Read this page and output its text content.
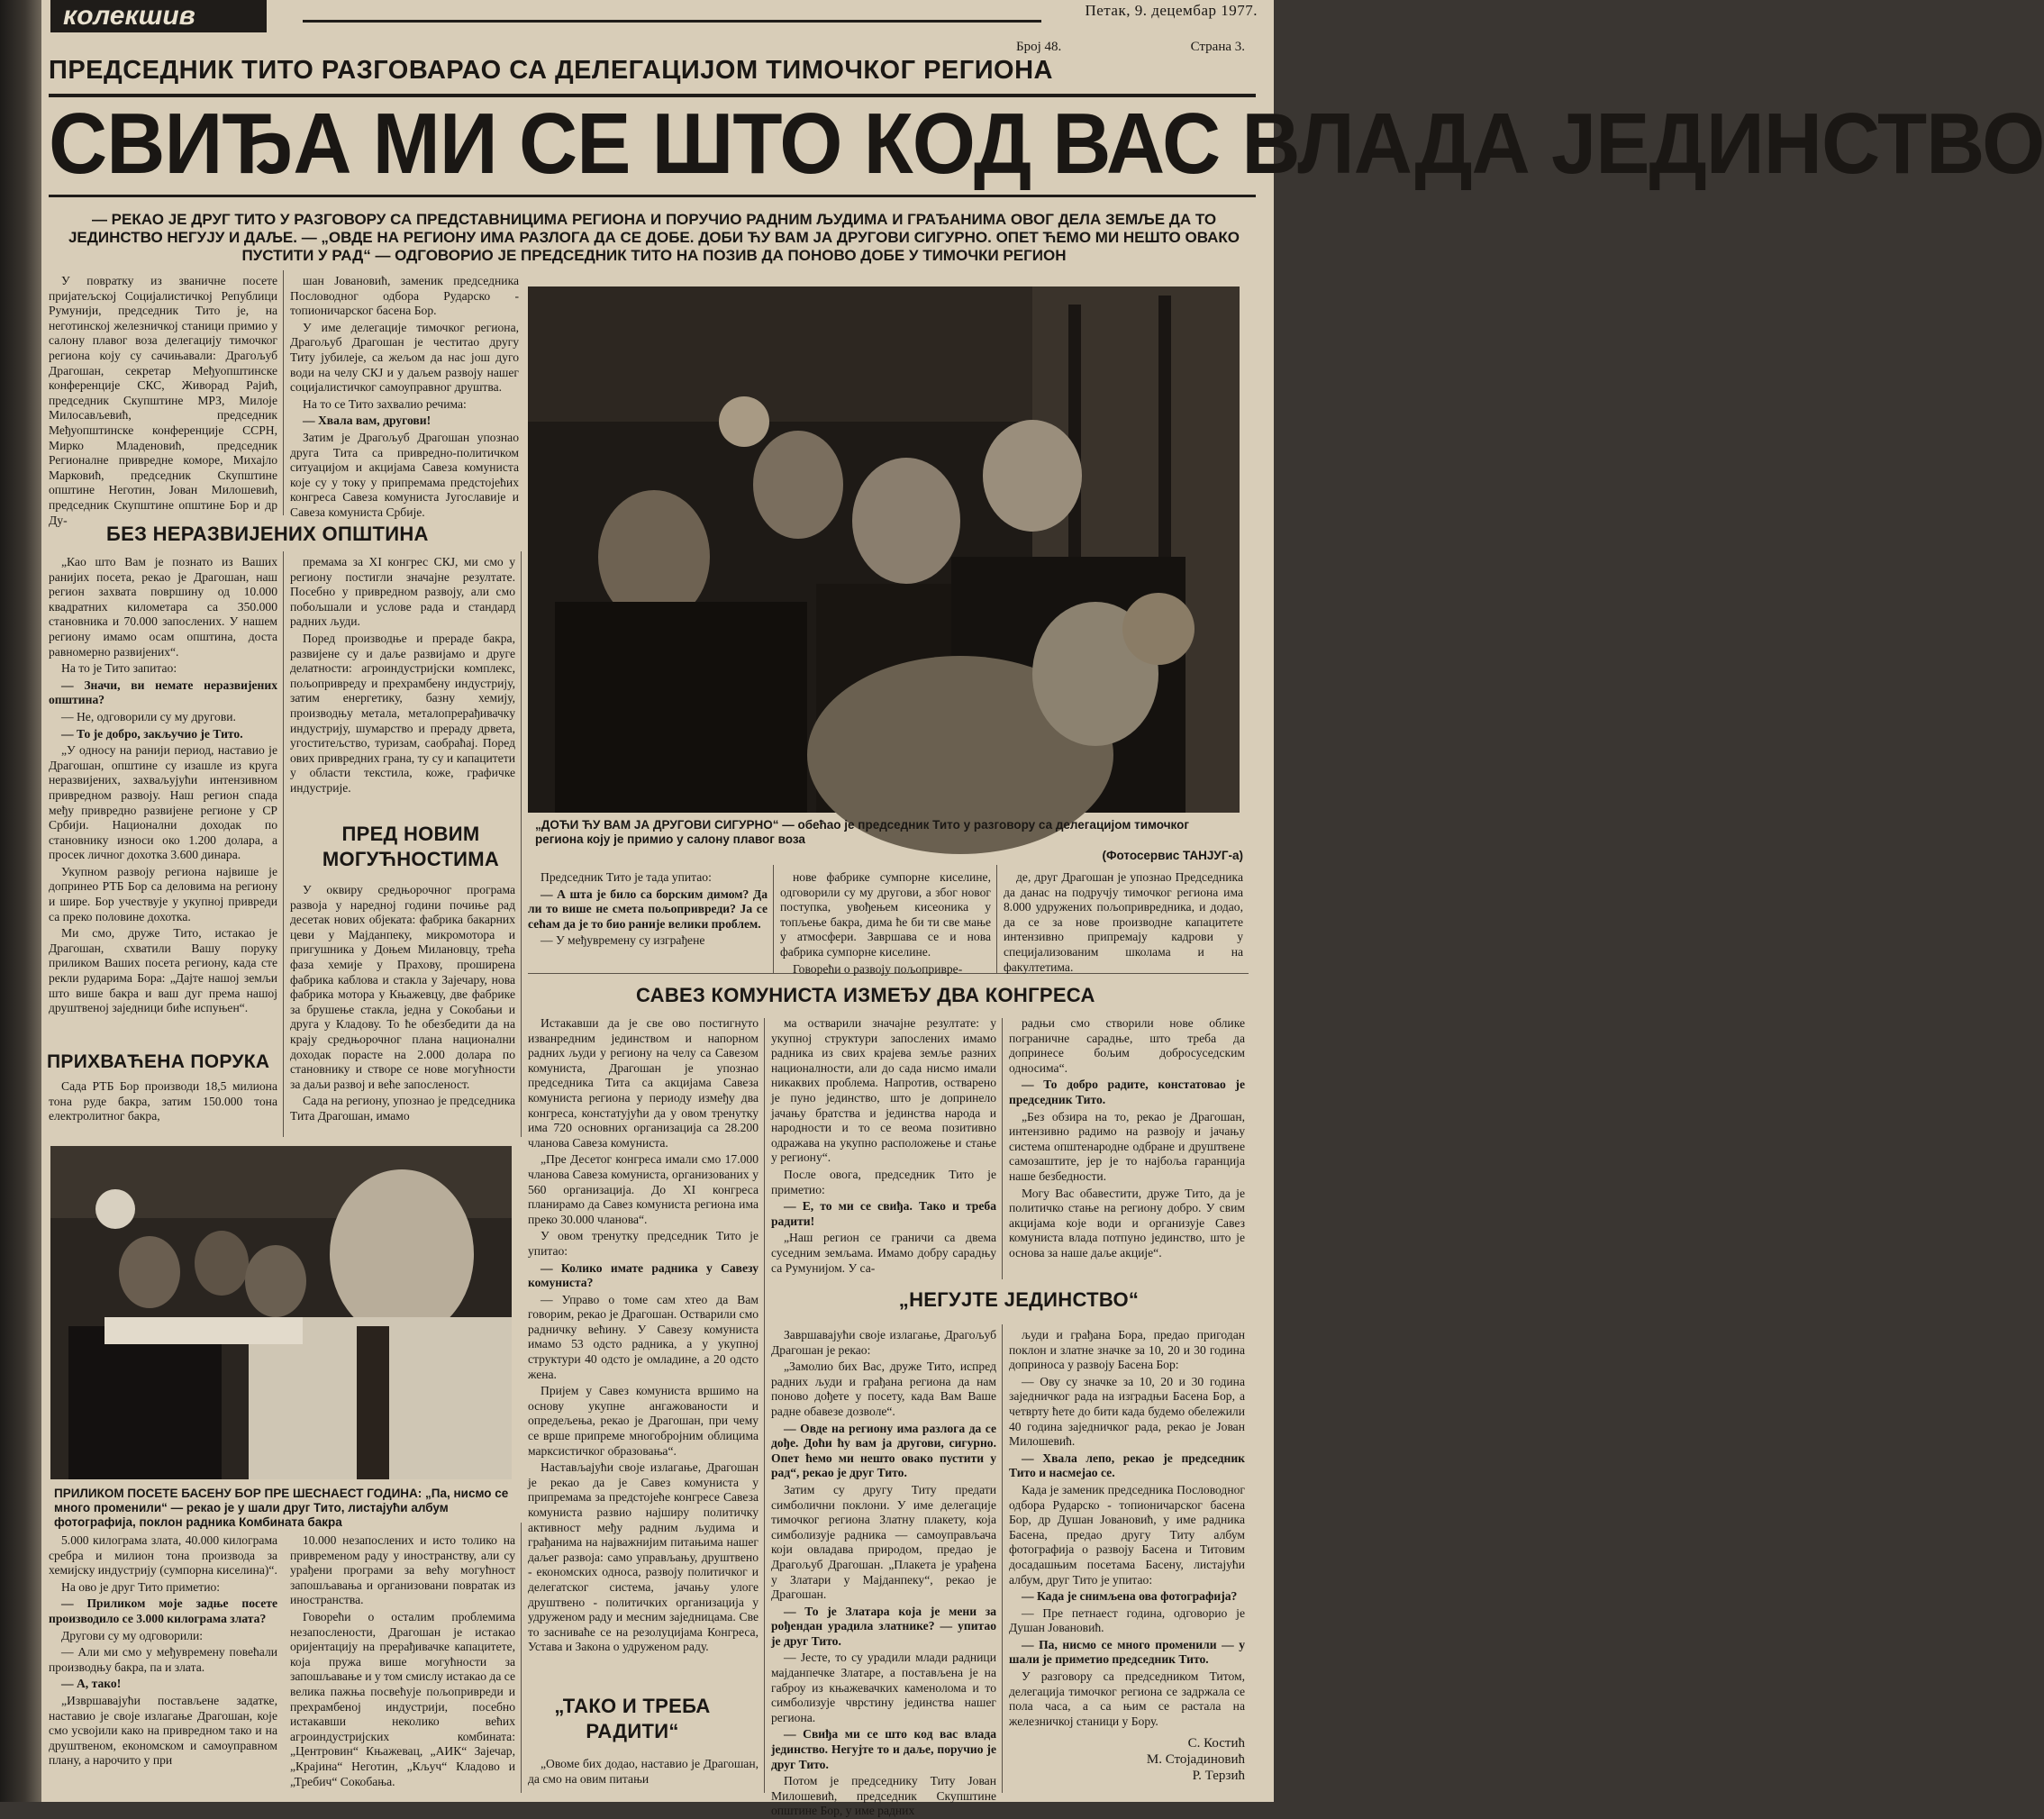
колекшив	Петак, 9. децембар 1977.
Број 48.	Страна 3.
ПРЕДСЕДНИК ТИТО РАЗГОВАРАО СА ДЕЛЕГАЦИЈОМ ТИМОЧКОГ РЕГИОНА
СВИЂА МИ СЕ ШТО КОД ВАС ВЛАДА ЈЕДИНСТВО
— РЕКАО ЈЕ ДРУГ ТИТО У РАЗГОВОРУ СА ПРЕДСТАВНИЦИМА РЕГИОНА И ПОРУЧИО РАДНИМ ЉУДИМА И ГРАЂАНИМА ОВОГ ДЕЛА ЗЕМЉЕ ДА ТО ЈЕДИНСТВО НЕГУЈУ И ДАЉЕ. — „ОВДЕ НА РЕГИОНУ ИМА РАЗЛОГА ДА СЕ ДОБЕ. ДОБИ ЋУ ВАМ ЈА ДРУГОВИ СИГУРНО. ОПЕТ ЋЕМО МИ НЕШТО ОВАКО ПУСТИТИ У РАД“ — ОДГОВОРИО ЈЕ ПРЕДСЕДНИК ТИТО НА ПОЗИВ ДА ПОНОВО ДОБЕ У ТИМОЧКИ РЕГИОН
„ДОЋИ ЋУ ВАМ ЈА ДРУГОВИ СИГУРНО“ — обећао је председник Тито у разговору са делегацијом тимочког региона коју је примио у салону плавог воза
(Фотосервис ТАНЈУГ-а)
ПРИЛИКОМ ПОСЕТЕ БАСЕНУ БОР ПРЕ ШЕСНАЕСТ ГОДИНА: „Па, нисмо се много променили“ — рекао је у шали друг Тито, листајући албум фотографија, поклон радника Комбината бакра
БЕЗ НЕРАЗВИЈЕНИХ ОПШТИНА
ПРИХВАЋЕНА ПОРУКА
ПРЕД НОВИМ МОГУЋНОСТИМА
САВЕЗ КОМУНИСТА ИЗМЕЂУ ДВА КОНГРЕСА
„НЕГУЈТЕ ЈЕДИНСТВО“
„ТАКО И ТРЕБА РАДИТИ“

У повратку из званичне посете пријатељској Социјалистичкој Републици Румунији, председник Тито је, на неготинској железничкој станици примио у салону плавог воза делегацију тимочког региона коју су сачињавали: Драгољуб Драгошан, секретар Међуопштинске конференције СКС, Живорад Рајић, председник Скупштине МРЗ, Милоје Милосављевић, председник Међуопштинске конференције ССРН, Мирко Младеновић, председник Регионалне привредне коморе, Михајло Марковић, председник Скупштине општине Неготин, Јован Милошевић, председник Скупштине општине Бор и др Ду-

шан Јовановић, заменик председника Пословодног одбора Рударско - топионичарског басена Бор.

У име делегације тимочког региона, Драгољуб Драгошан је честитао другу Титу јубилеје, са жељом да нас још дуго води на челу СКЈ и у даљем развоју нашег социјалистичког самоуправног друштва.

На то се Тито захвалио речима:

— Хвала вам, другови!

Затим је Драгољуб Драгошан упознао друга Тита са привредно-политичком ситуацијом и акцијама Савеза комуниста које су у току у припремама предстојећих конгреса Савеза комуниста Југославије и Савеза комуниста Србије.

„Као што Вам је познато из Ваших ранијих посета, рекао је Драгошан, наш регион захвата површину од 10.000 квадратних километара са 350.000 становника и 70.000 запослених. У нашем региону имамо осам општина, доста равномерно развијених“.

На то је Тито запитао:

— Значи, ви немате неразвијених општина?

— Не, одговорили су му другови.

— То је добро, закључио је Тито.

„У односу на ранији период, наставио је Драгошан, општине су изашле из круга неразвијених, захваљујући интензивном привредном развоју. Наш регион спада међу привредно развијене регионе у СР Србији. Национални доходак по становнику износи око 1.200 долара, а просек личног дохотка 3.600 динара.

Укупном развоју региона највише је допринео РТБ Бор са деловима на региону и шире. Бор учествује у укупној привреди са преко половине дохотка.

Ми смо, друже Тито, истакао је Драгошан, схватили Вашу поруку приликом Ваших посета региону, када сте рекли рударима Бора: „Дајте нашој земљи што више бакра и ваш дуг према нашој друштвеној заједници биће испуњен“.

Сада РТБ Бор производи 18,5 милиона тона руде бакра, затим 150.000 тона електролитног бакра,

премама за XI конгрес СКЈ, ми смо у региону постигли значајне резултате. Посебно у привредном развоју, али смо побољшали и услове рада и стандард радних људи.

Поред производње и прераде бакра, развијене су и даље развијамо и друге делатности: агроиндустријски комплекс, пољопривреду и прехрамбену индустрију, затим енергетику, базну хемију, производњу метала, металопрерађивачку индустрију, шумарство и прераду дрвета, угоститељство, туризам, саобраћај. Поред ових привредних грана, ту су и капацитети у области текстила, коже, графичке индустрије.

У оквиру средњорочног програма развоја у наредној години почиње рад десетак нових објеката: фабрика бакарних цеви у Мајданпеку, микромотора и пригушника у Доњем Милановцу, трећа фаза хемије у Прахову, проширена фабрика каблова и стакла у Зајечару, нова фабрика мотора у Књажевцу, две фабрике за брушење стакла, једна у Сокобањи и друга у Кладову. То ће обезбедити да на крају средњорочног плана национални доходак порасте на 2.000 долара по становнику и створе се нове могућности за даљи развој и веће запосленост.

Сада на региону, упознао је председника Тита Драгошан, имамо

Председник Тито је тада упитао:

— А шта је било са борским димом? Да ли то више не смета пољопривреди? Ја се сећам да је то био раније велики проблем.

— У међувремену су изграђене

нове фабрике сумпорне киселине, одговорили су му другови, а због новог поступка, увођењем кисеоника у топљење бакра, дима ће би ти све мање у атмосфери. Завршава се и нова фабрика сумпорне киселине.

Говорећи о развоју пољопривре-

де, друг Драгошан је упознао Председника да данас на подручју тимочког региона има 8.000 удружених пољопривредника, и додао, да се за нове производне капацитете интензивно припремају кадрови у специјализованим школама и на факултетима.

Истакавши да је све ово постигнуто изванредним јединством и напорном радних људи у региону на челу са Савезом комуниста, Драгошан је упознао председника Тита са акцијама Савеза комуниста региона у периоду између два конгреса, констатујући да у овом тренутку има 720 основних организација са 28.200 чланова Савеза комуниста.

„Пре Десетог конгреса имали смо 17.000 чланова Савеза комуниста, организованих у 560 организација. До XI конгреса планирамо да Савез комуниста региона има преко 30.000 чланова“.

У овом тренутку председник Тито је упитао:

— Колико имате радника у Савезу комуниста?

— Управо о томе сам хтео да Вам говорим, рекао је Драгошан. Остварили смо радничку већину. У Савезу комуниста имамо 53 одсто радника, а у укупној структури 40 одсто је омладине, а 20 одсто жена.

Пријем у Савез комуниста вршимо на основу укупне ангажованости и опредељења, рекао је Драгошан, при чему се врше припреме многобројним облицима марксистичког образовања“.

Настављајући своје излагање, Драгошан је рекао да је Савез комуниста у припремама за предстојеће конгресе Савеза комуниста развио најширу политичку активност међу радним људима и грађанима на најважнијим питањима нашег даљег развоја: само управљању, друштвено - економских односа, развоју политичког и делегатског система, јачању улоге друштвено - политичких организација у удруженом раду и месним заједницама. Све то засниваће се на резолуцијама Конгреса, Устава и Закона о удруженом раду.

ма остварили значајне резултате: у укупној структури запослених имамо радника из свих крајева земље разних националности, али до сада нисмо имали никаквих проблема. Напротив, остварено је пуно јединство, што је допринело јачању братства и јединства народа и народности и то се веома позитивно одражава на укупно расположење и стање у региону“.

После овога, председник Тито је приметио:

— Е, то ми се свиђа. Тако и треба радити!

„Наш регион се граничи са двема суседним земљама. Имамо добру сарадњу са Румунијом. У са-

радњи смо створили нове облике пограничне сарадње, што треба да допринесе бољим добросуседским односима“.

— То добро радите, констатовао је председник Тито.

„Без обзира на то, рекао је Драгошан, интензивно радимо на развоју и јачању система општенародне одбране и друштвене самозаштите, јер је то најбоља гаранција наше безбедности.

Могу Вас обавестити, друже Тито, да је политичко стање на региону добро. У свим акцијама које води и организује Савез комуниста влада потпуно јединство, што је основа за наше даље акције“.

Завршавајући своје излагање, Драгољуб Драгошан је рекао:

„Замолио бих Вас, друже Тито, испред радних људи и грађана региона да нам поново дођете у посету, када Вам Ваше радне обавезе дозволе“.

— Овде на региону има разлога да се дође. Доћи ћу вам ја другови, сигурно. Опет ћемо ми нешто овако пустити у рад“, рекао је друг Тито.

Затим су другу Титу предати симболични поклони. У име делегације тимочког региона Златну плакету, која симболизује радника — самоуправљача који овладава природом, предао је Драгољуб Драгошан. „Плакета је урађена у Златари у Мајданпеку“, рекао је Драгошан.

— То је Златара која је мени за рођендан урадила златнике? — упитао је друг Тито.

— Јесте, то су урадили млади радници мајданпечке Златаре, а постављена је на габроу из књажевачких каменолома и то симболизује чврстину јединства нашег региона.

— Свиђа ми се што код вас влада јединство. Негујте то и даље, поручио је друг Тито.

Потом је председнику Титу Јован Милошевић, председник Скупштине општине Бор, у име радних

људи и грађана Бора, предао пригодан поклон и златне значке за 10, 20 и 30 година доприноса у развоју Басена Бор:

— Ову су значке за 10, 20 и 30 година заједничког рада на изградњи Басена Бор, а четврту ћете до бити када будемо обележили 40 година заједничког рада, рекао је Јован Милошевић.

— Хвала лепо, рекао је председник Тито и насмејао се.

Када је заменик председника Пословодног одбора Рударско - топионичарског басена Бор, др Душан Јовановић, у име радника Басена, предао другу Титу албум фотографија о развоју Басена и Титовим досадашњим посетама Басену, листајући албум, друг Тито је упитао:

— Када је снимљена ова фотографија?

— Пре петнаест година, одговорио је Душан Јовановић.

— Па, нисмо се много променили — у шали је приметио председник Тито.

У разговору са председником Титом, делегација тимочког региона се задржала се пола часа, а са њим се растала на железничкој станици у Бору.

5.000 килограма злата, 40.000 килограма сребра и милион тона производа за хемијску индустрију (сумпорна киселина)“.

На ово је друг Тито приметио:

— Приликом моје задње посете производило се 3.000 килограма злата?

Другови су му одговорили:

— Али ми смо у међувремену повећали производњу бакра, па и злата.

— А, тако!

„Извршавајући постављене задатке, наставио је своје излагање Драгошан, које смо усвојили како на привредном тако и на друштвеном, економском и самоуправном плану, а нарочито у при

10.000 незапослених и исто толико на привременом раду у иностранству, али су урађени програми за већу могућност запошљавања и организовани повратак из иностранства.

Говорећи о осталим проблемима незапослености, Драгошан је истакао оријентацију на прерађивачке капацитете, која пружа више могућности за запошљавање и у том смислу истакао да се велика пажња посвећује пољопривреди и прехрамбеној индустрији, посебно истакавши неколико већих агроиндустријских комбината: „Центровин“ Књажевац, „АИК“ Зајечар, „Крајина“ Неготин, „Кључ“ Кладово и „Требич“ Сокобања.

„Овоме бих додао, наставио је Драгошан, да смо на овим питањи

С. Костић
М. Стојадиновић
Р. Терзић
